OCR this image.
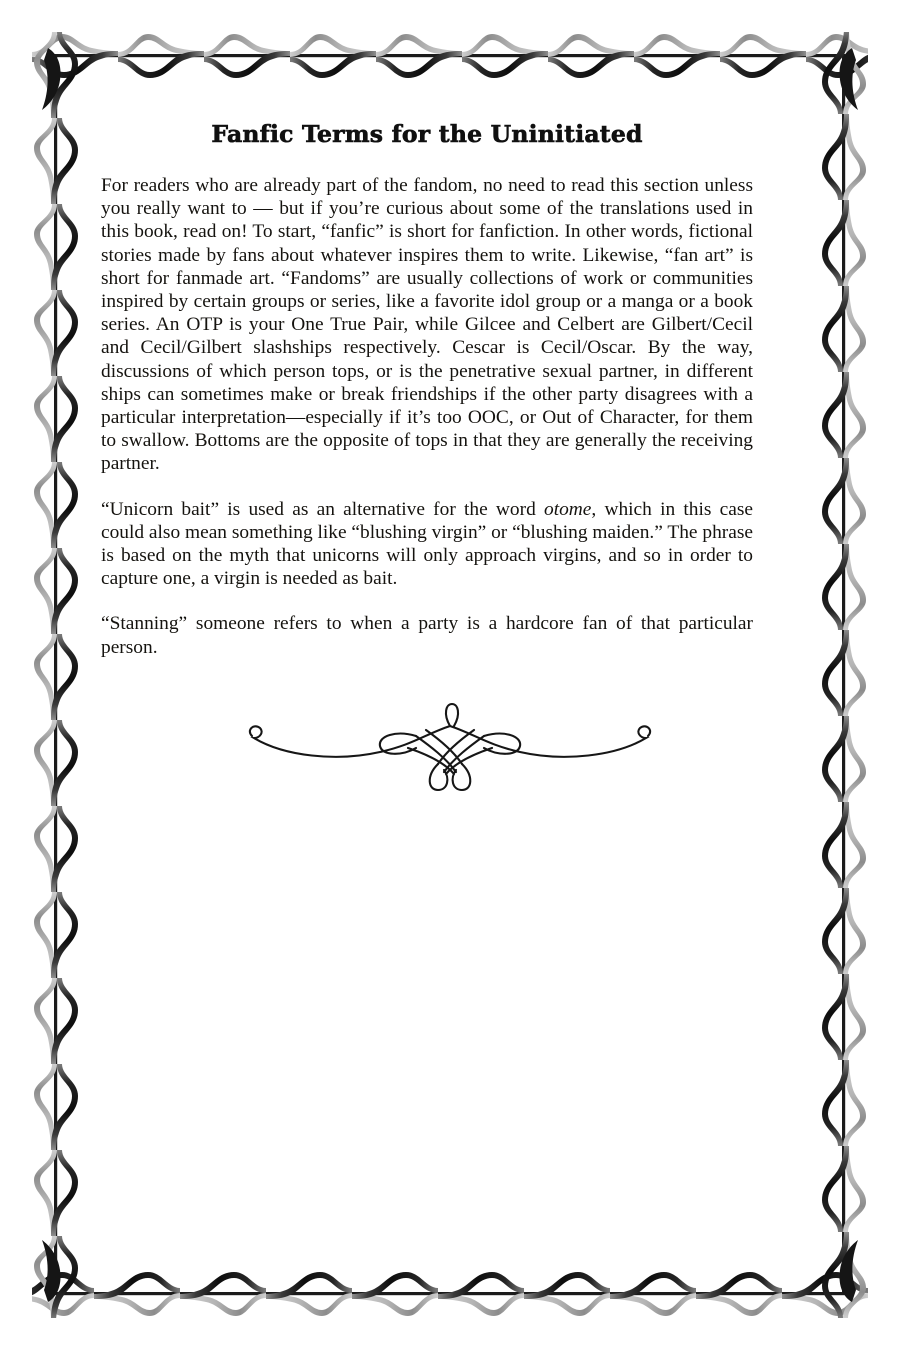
Fanfic Terms for the Uninitiated

For readers who are already part of the fandom, no need to read this section unless you really want to — but if you’re curious about some of the translations used in this book, read on! To start, “fanfic” is short for fanfiction. In other words, fictional stories made by fans about whatever inspires them to write. Likewise, “fan art” is short for fanmade art. “Fandoms” are usually collections of work or communities inspired by certain groups or series, like a favorite idol group or a manga or a book series. An OTP is your One True Pair, while Gilcee and Celbert are Gilbert/Cecil and Cecil/Gilbert slashships respectively. Cescar is Cecil/Oscar. By the way, discussions of which person tops, or is the penetrative sexual partner, in different ships can sometimes make or break friendships if the other party disagrees with a particular interpretation—especially if it’s too OOC, or Out of Character, for them to swallow. Bottoms are the opposite of tops in that they are generally the receiving partner.

“Unicorn bait” is used as an alternative for the word otome, which in this case could also mean something like “blushing virgin” or “blushing maiden.” The phrase is based on the myth that unicorns will only approach virgins, and so in order to capture one, a virgin is needed as bait.

“Stanning” someone refers to when a party is a hardcore fan of that particular person.
